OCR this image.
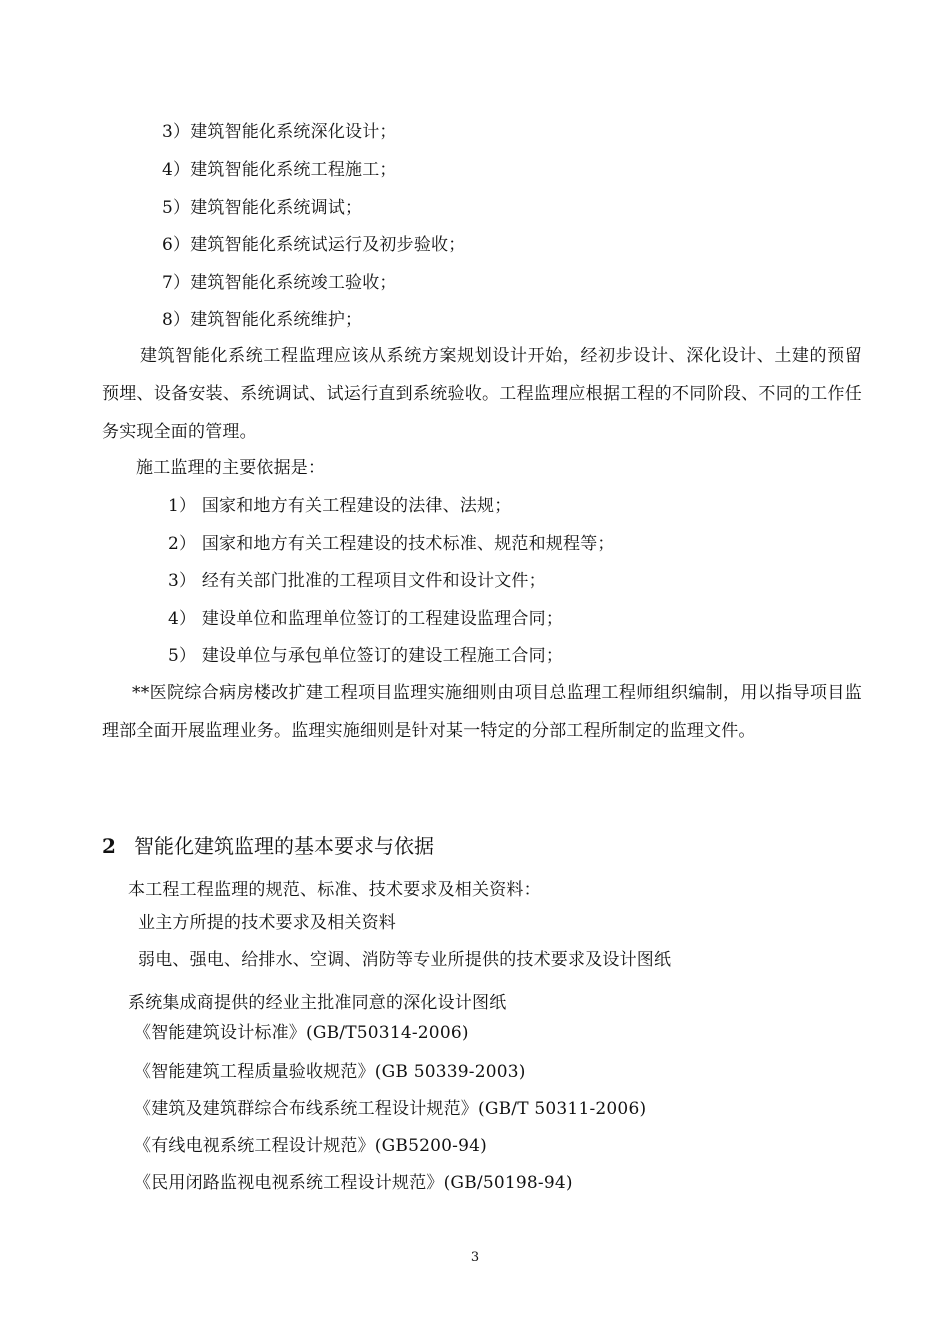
3）建筑智能化系统深化设计；
4）建筑智能化系统工程施工；
5）建筑智能化系统调试；
6）建筑智能化系统试运行及初步验收；
7）建筑智能化系统竣工验收；
8）建筑智能化系统维护；
建筑智能化系统工程监理应该从系统方案规划设计开始，经初步设计、深化设计、土建的预留预埋、设备安装、系统调试、试运行直到系统验收。工程监理应根据工程的不同阶段、不同的工作任务实现全面的管理。
施工监理的主要依据是：
1） 国家和地方有关工程建设的法律、法规；
2） 国家和地方有关工程建设的技术标准、规范和规程等；
3） 经有关部门批准的工程项目文件和设计文件；
4） 建设单位和监理单位签订的工程建设监理合同；
5） 建设单位与承包单位签订的建设工程施工合同；
**医院综合病房楼改扩建工程项目监理实施细则由项目总监理工程师组织编制，用以指导项目监理部全面开展监理业务。监理实施细则是针对某一特定的分部工程所制定的监理文件。
2 智能化建筑监理的基本要求与依据
本工程工程监理的规范、标准、技术要求及相关资料：
业主方所提的技术要求及相关资料
弱电、强电、给排水、空调、消防等专业所提供的技术要求及设计图纸
系统集成商提供的经业主批准同意的深化设计图纸
《智能建筑设计标准》(GB/T50314-2006)
《智能建筑工程质量验收规范》(GB 50339-2003)
《建筑及建筑群综合布线系统工程设计规范》(GB/T 50311-2006)
《有线电视系统工程设计规范》(GB5200-94)
《民用闭路监视电视系统工程设计规范》(GB/50198-94)
3
